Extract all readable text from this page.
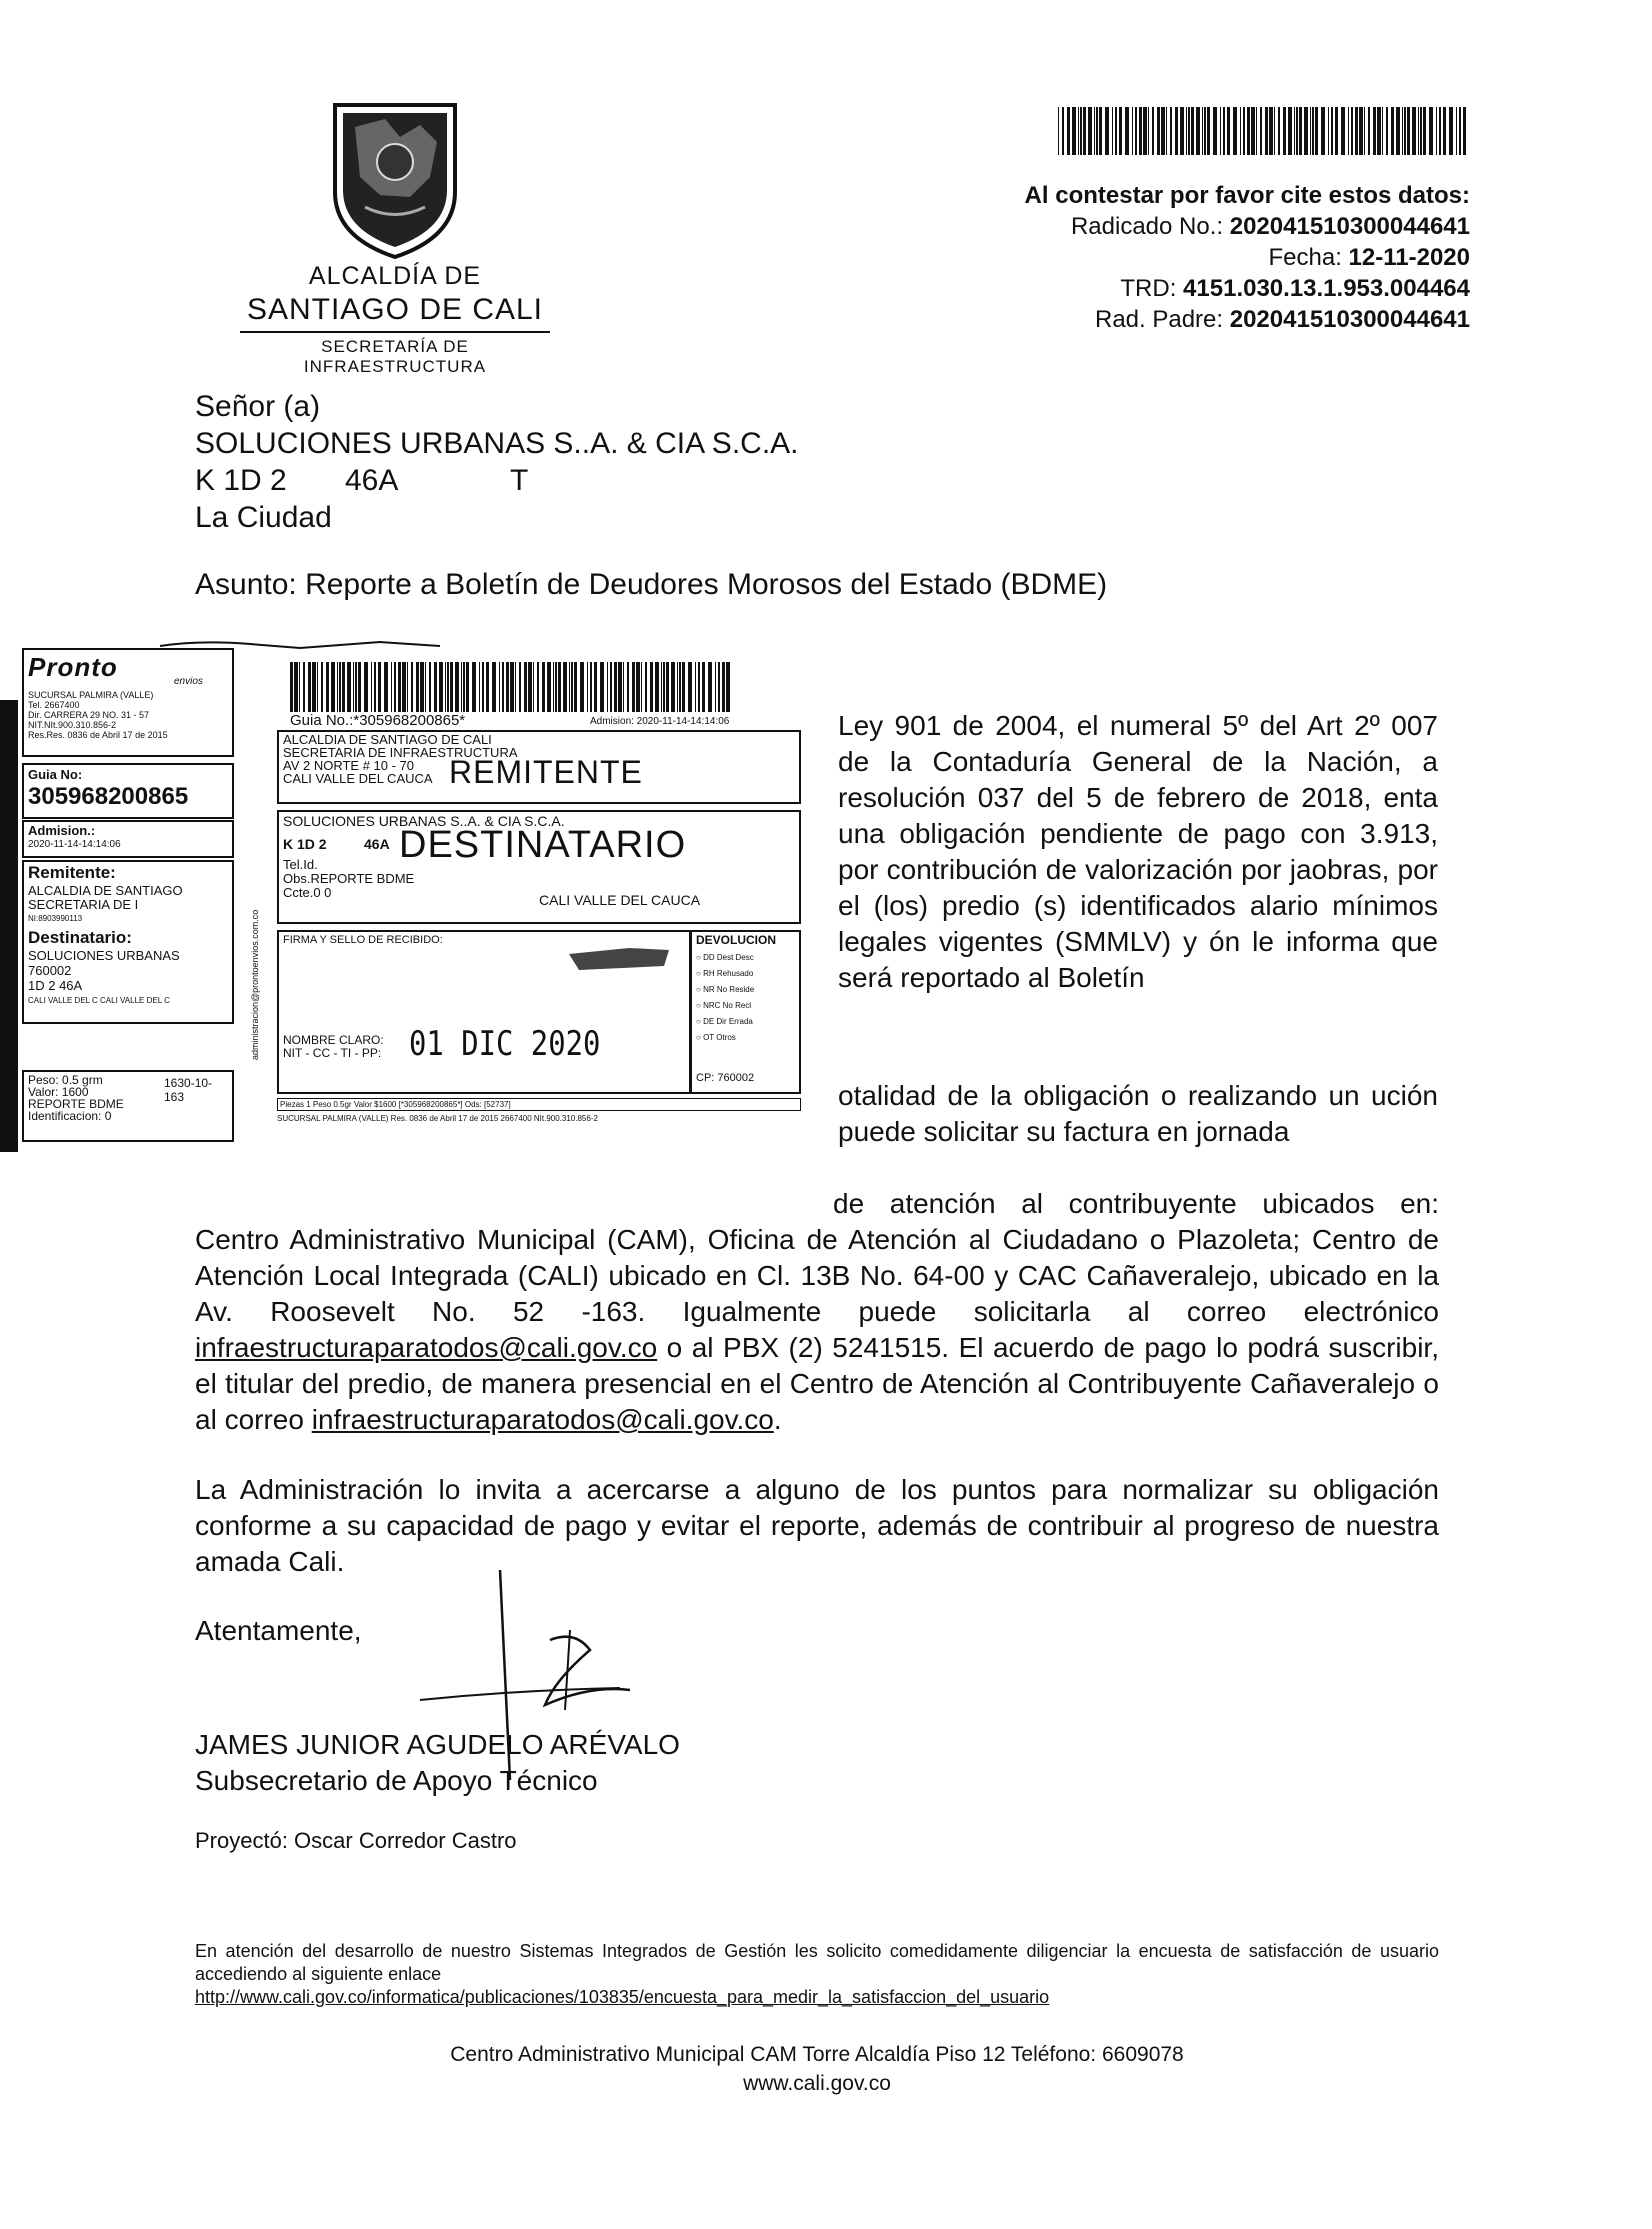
ALCALDÍA DE
SANTIAGO DE CALI
SECRETARÍA DE INFRAESTRUCTURA
Al contestar por favor cite estos datos:
Radicado No.: 202041510300044641
Fecha: 12-11-2020
TRD: 4151.030.13.1.953.004464
Rad. Padre: 202041510300044641
Señor (a)
SOLUCIONES URBANAS S..A. & CIA S.C.A.
K 1D 2 46A	T
La Ciudad
Asunto: Reporte a Boletín de Deudores Morosos del Estado (BDME)
Ley 901 de 2004, el numeral 5º del Art 2º 007 de la Contaduría General de la Nación, a resolución 037 del 5 de febrero de 2018, enta una obligación pendiente de pago con 3.913, por contribución de valorización por jaobras, por el (los) predio (s) identificados alario mínimos legales vigentes (SMMLV) y ón le informa que será reportado al Boletín
otalidad de la obligación o realizando un ución puede solicitar su factura en jornada
de atención al contribuyente ubicados en: Centro Administrativo Municipal (CAM), Oficina de Atención al Ciudadano o Plazoleta; Centro de Atención Local Integrada (CALI) ubicado en Cl. 13B No. 64-00 y CAC Cañaveralejo, ubicado en la Av. Roosevelt No. 52 -163. Igualmente puede solicitarla al correo electrónico infraestructuraparatodos@cali.gov.co o al PBX (2) 5241515. El acuerdo de pago lo podrá suscribir, el titular del predio, de manera presencial en el Centro de Atención al Contribuyente Cañaveralejo o al correo infraestructuraparatodos@cali.gov.co.
La Administración lo invita a acercarse a alguno de los puntos para normalizar su obligación conforme a su capacidad de pago y evitar el reporte, además de contribuir al progreso de nuestra amada Cali.
Atentamente,
JAMES JUNIOR AGUDELO ARÉVALO
Subsecretario de Apoyo Técnico
Proyectó: Oscar Corredor Castro
En atención del desarrollo de nuestro Sistemas Integrados de Gestión les solicito comedidamente diligenciar la encuesta de satisfacción de usuario accediendo al siguiente enlace
http://www.cali.gov.co/informatica/publicaciones/103835/encuesta_para_medir_la_satisfaccion_del_usuario
Centro Administrativo Municipal CAM Torre Alcaldía Piso 12 Teléfono: 6609078
www.cali.gov.co
Pronto	envios
SUCURSAL PALMIRA (VALLE)
Tel. 2667400
Dir. CARRERA 29 NO. 31 - 57
NIT.NIt.900.310.856-2
Res.Res. 0836 de Abril 17 de 2015
Guia No:
305968200865
Admision.:
2020-11-14-14:14:06
Remitente:
ALCALDIA DE SANTIAGO
SECRETARIA DE I
NI:8903990113
Destinatario:
SOLUCIONES URBANAS
760002
1D 2 46A
CALI VALLE DEL C CALI VALLE DEL C
Peso: 0.5 grm
Valor: 1600
REPORTE BDME
Identificacion: 0
1630-10-163
administracion@prontoenvios.com.co
Guia No.:*305968200865*	Admision: 2020-11-14-14:14:06
ALCALDIA DE SANTIAGO DE CALI
SECRETARIA DE INFRAESTRUCTURA
AV 2 NORTE # 10 - 70
CALI VALLE DEL CAUCA REMITENTE
SOLUCIONES URBANAS S..A. & CIA S.C.A.
K 1D 2	46A DESTINATARIO
Tel.Id.
Obs.REPORTE BDME
Ccte.0 0	CALI VALLE DEL CAUCA
FIRMA Y SELLO DE RECIBIDO:
NOMBRE CLARO:
NIT - CC - TI - PP: 01 DIC 2020
DEVOLUCION
○ DD Dest Desc
○ RH Rehusado
○ NR No Reside
○ NRC No Recl
○ DE Dir Errada
○ OT Otros
CP: 760002
Piezas 1 Peso 0.5gr Valor $1600 [*305968200865*] Ods: [52737]
SUCURSAL PALMIRA (VALLE) Res. 0836 de Abril 17 de 2015 2667400 NIt.900.310.856-2
